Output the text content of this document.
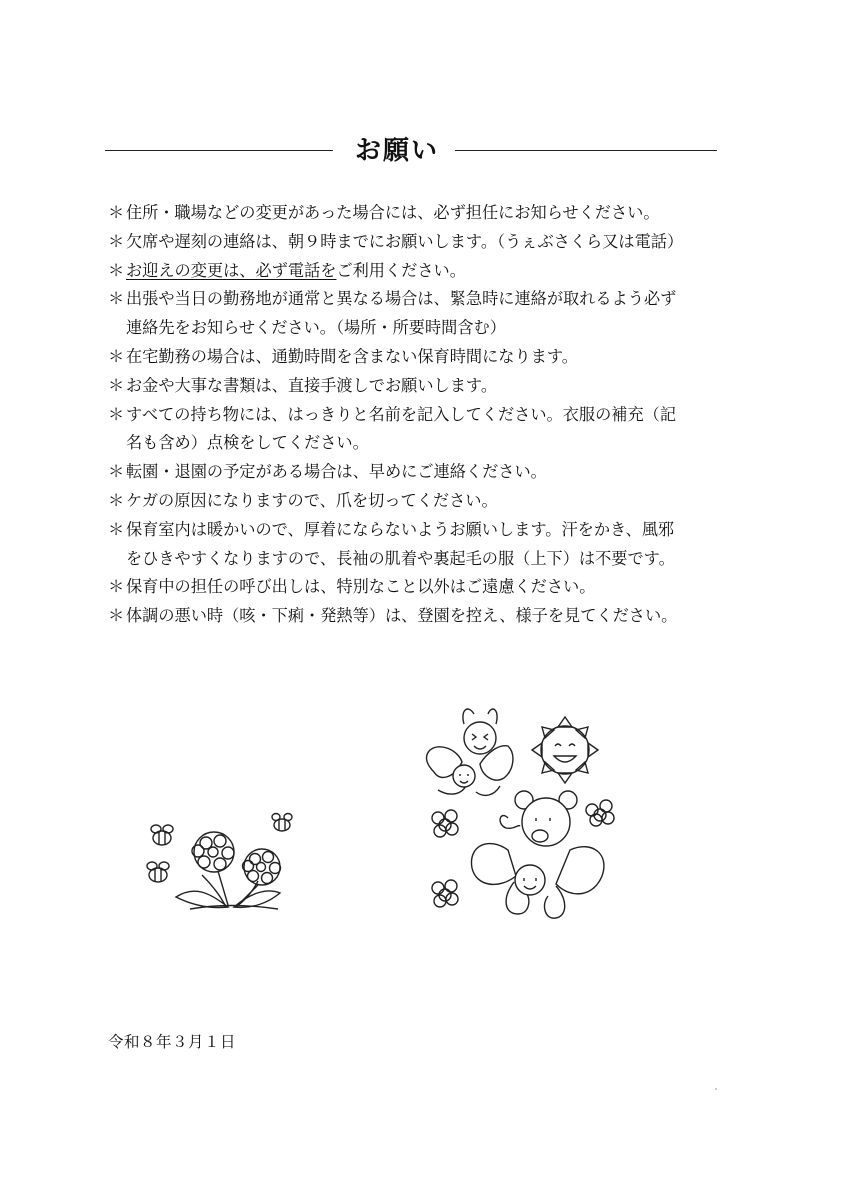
お願い
＊ 住所・職場などの変更があった場合には、必ず担任にお知らせください。
＊ 欠席や遅刻の連絡は、朝９時までにお願いします。（うぇぶさくら又は電話）
＊ お迎えの変更は、必ず電話をご利用ください。
＊ 出張や当日の勤務地が通常と異なる場合は、緊急時に連絡が取れるよう必ず
連絡先をお知らせください。（場所・所要時間含む）
＊ 在宅勤務の場合は、通勤時間を含まない保育時間になります。
＊ お金や大事な書類は、直接手渡しでお願いします。
＊ すべての持ち物には、はっきりと名前を記入してください。衣服の補充（記
名も含め）点検をしてください。
＊ 転園・退園の予定がある場合は、早めにご連絡ください。
＊ ケガの原因になりますので、爪を切ってください。
＊ 保育室内は暖かいので、厚着にならないようお願いします。汗をかき、風邪
をひきやすくなりますので、長袖の肌着や裏起毛の服（上下）は不要です。
＊ 保育中の担任の呼び出しは、特別なこと以外はご遠慮ください。
＊ 体調の悪い時（咳・下痢・発熱等）は、登園を控え、様子を見てください。
令和８年３月１日
